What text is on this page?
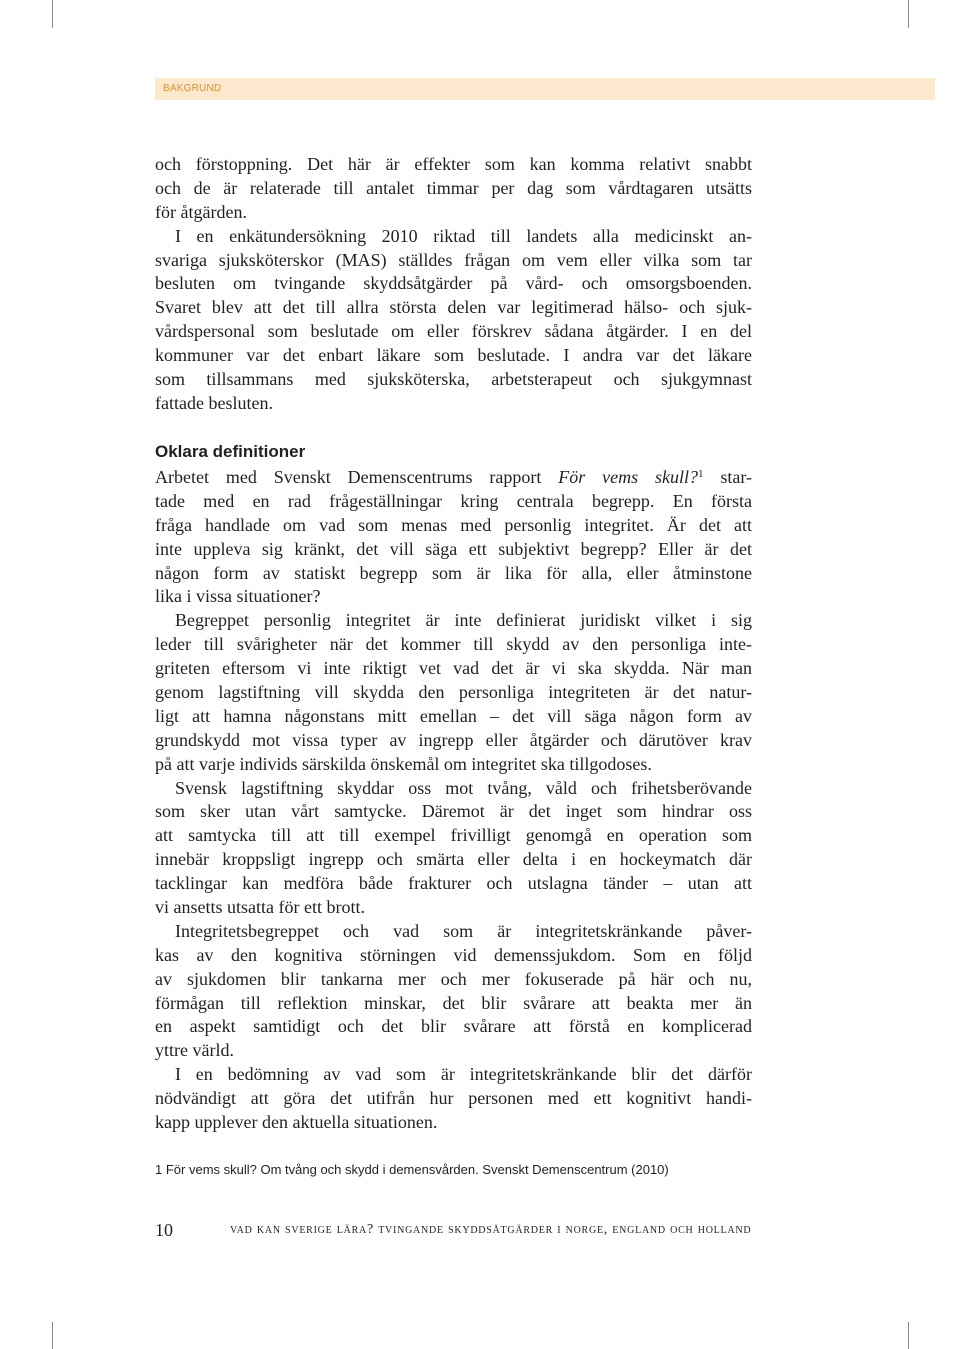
BAKGRUND
och förstoppning. Det här är effekter som kan komma relativt snabbt
och de är relaterade till antalet timmar per dag som vårdtagaren utsätts
för åtgärden.
I en enkätundersökning 2010 riktad till landets alla medicinskt an-
svariga sjuksköterskor (MAS) ställdes frågan om vem eller vilka som tar
besluten om tvingande skyddsåtgärder på vård- och omsorgsboenden.
Svaret blev att det till allra största delen var legitimerad hälso- och sjuk-
vårdspersonal som beslutade om eller förskrev sådana åtgärder. I en del
kommuner var det enbart läkare som beslutade. I andra var det läkare
som tillsammans med sjuksköterska, arbetsterapeut och sjukgymnast
fattade besluten.
Oklara definitioner
Arbetet med Svenskt Demenscentrums rapport För vems skull?$^1$ star-
tade med en rad frågeställningar kring centrala begrepp. En första
fråga handlade om vad som menas med personlig integritet. Är det att
inte uppleva sig kränkt, det vill säga ett subjektivt begrepp? Eller är det
någon form av statiskt begrepp som är lika för alla, eller åtminstone
lika i vissa situationer?
Begreppet personlig integritet är inte definierat juridiskt vilket i sig
leder till svårigheter när det kommer till skydd av den personliga inte-
griteten eftersom vi inte riktigt vet vad det är vi ska skydda. När man
genom lagstiftning vill skydda den personliga integriteten är det natur-
ligt att hamna någonstans mitt emellan – det vill säga någon form av
grundskydd mot vissa typer av ingrepp eller åtgärder och därutöver krav
på att varje individs särskilda önskemål om integritet ska tillgodoses.
Svensk lagstiftning skyddar oss mot tvång, våld och frihetsberövande
som sker utan vårt samtycke. Däremot är det inget som hindrar oss
att samtycka till att till exempel frivilligt genomgå en operation som
innebär kroppsligt ingrepp och smärta eller delta i en hockeymatch där
tacklingar kan medföra både frakturer och utslagna tänder – utan att
vi ansetts utsatta för ett brott.
Integritetsbegreppet och vad som är integritetskränkande påver-
kas av den kognitiva störningen vid demenssjukdom. Som en följd
av sjukdomen blir tankarna mer och mer fokuserade på här och nu,
förmågan till reflektion minskar, det blir svårare att beakta mer än
en aspekt samtidigt och det blir svårare att förstå en komplicerad
yttre värld.
I en bedömning av vad som är integritetskränkande blir det därför
nödvändigt att göra det utifrån hur personen med ett kognitivt handi-
kapp upplever den aktuella situationen.
1 För vems skull? Om tvång och skydd i demensvården. Svenskt Demenscentrum (2010)
10	vad kan sverige lära? tvingande skyddsåtgärder i norge, england och holland
